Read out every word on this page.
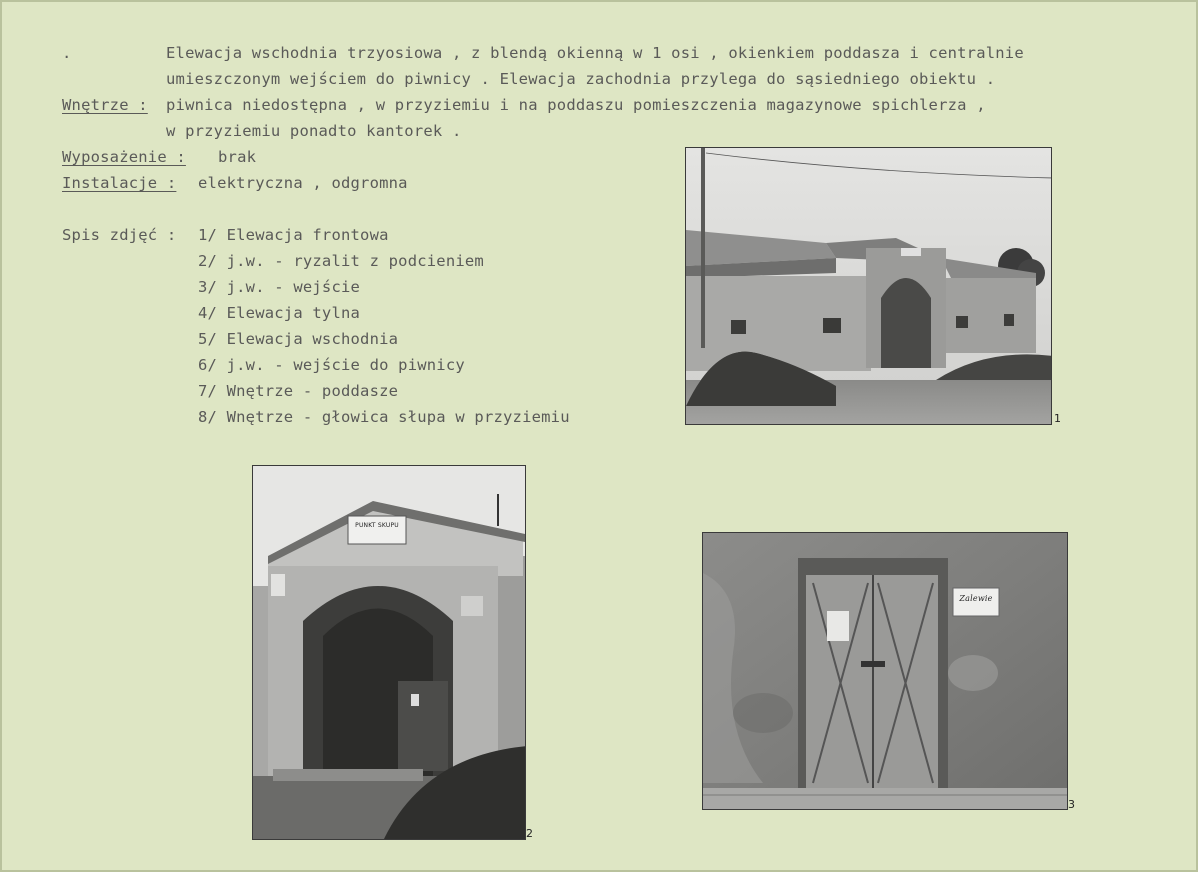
.	Elewacja wschodnia trzyosiowa , z blendą okienną w 1 osi , okienkiem poddasza i centralnie
umieszczonym wejściem do piwnicy . Elewacja zachodnia przylega do sąsiedniego obiektu .
Wnętrze : piwnica niedostępna , w przyziemiu i na poddaszu pomieszczenia magazynowe spichlerza ,
w przyziemiu ponadto kantorek .
Wyposażenie : brak
Instalacje : elektryczna , odgromna
Spis zdjęć : 1/ Elewacja frontowa
2/ j.w. - ryzalit z podcieniem
3/ j.w. - wejście
4/ Elewacja tylna
5/ Elewacja wschodnia
6/ j.w. - wejście do piwnicy
7/ Wnętrze - poddasze
8/ Wnętrze - głowica słupa w przyziemiu	1
PUNKT SKUPU
2
Zalewie
3
